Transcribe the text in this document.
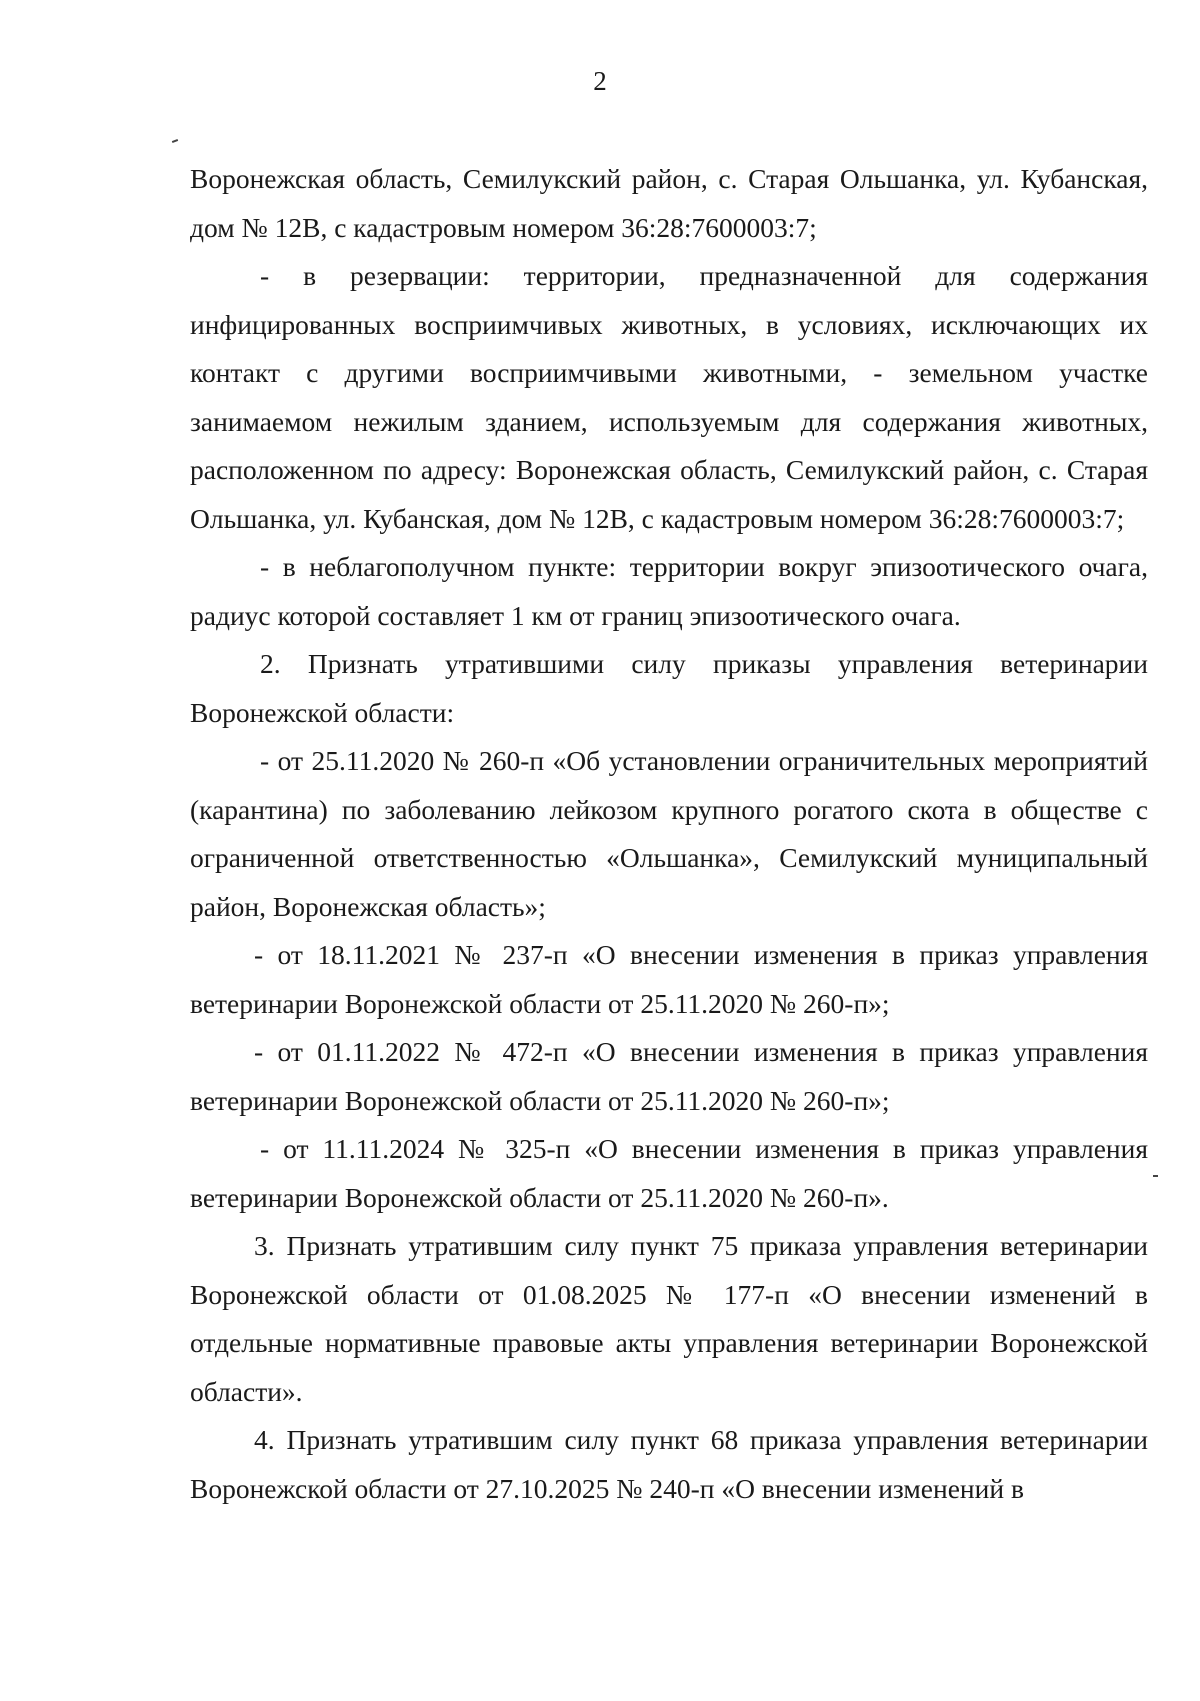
2

Воронежская область, Семилукский район, с. Старая Ольшанка, ул. Кубанская, дом № 12В, с кадастровым номером 36:28:7600003:7;

- в резервации: территории, предназначенной для содержания инфицированных восприимчивых животных, в условиях, исключающих их контакт с другими восприимчивыми животными, - земельном участке занимаемом нежилым зданием, используемым для содержания животных, расположенном по адресу: Воронежская область, Семилукский район, с. Старая Ольшанка, ул. Кубанская, дом № 12В, с кадастровым номером 36:28:7600003:7;

- в неблагополучном пункте: территории вокруг эпизоотического очага, радиус которой составляет 1 км от границ эпизоотического очага.

2. Признать утратившими силу приказы управления ветеринарии Воронежской области:

- от 25.11.2020 № 260-п «Об установлении ограничительных мероприятий (карантина) по заболеванию лейкозом крупного рогатого скота в обществе с ограниченной ответственностью «Ольшанка», Семилукский муниципальный район, Воронежская область»;

- от 18.11.2021 № 237-п «О внесении изменения в приказ управления ветеринарии Воронежской области от 25.11.2020 № 260-п»;

- от 01.11.2022 № 472-п «О внесении изменения в приказ управления ветеринарии Воронежской области от 25.11.2020 № 260-п»;

- от 11.11.2024 № 325-п «О внесении изменения в приказ управления ветеринарии Воронежской области от 25.11.2020 № 260-п».

3. Признать утратившим силу пункт 75 приказа управления ветеринарии Воронежской области от 01.08.2025 № 177-п «О внесении изменений в отдельные нормативные правовые акты управления ветеринарии Воронежской области».

4. Признать утратившим силу пункт 68 приказа управления ветеринарии Воронежской области от 27.10.2025 № 240-п «О внесении изменений в
